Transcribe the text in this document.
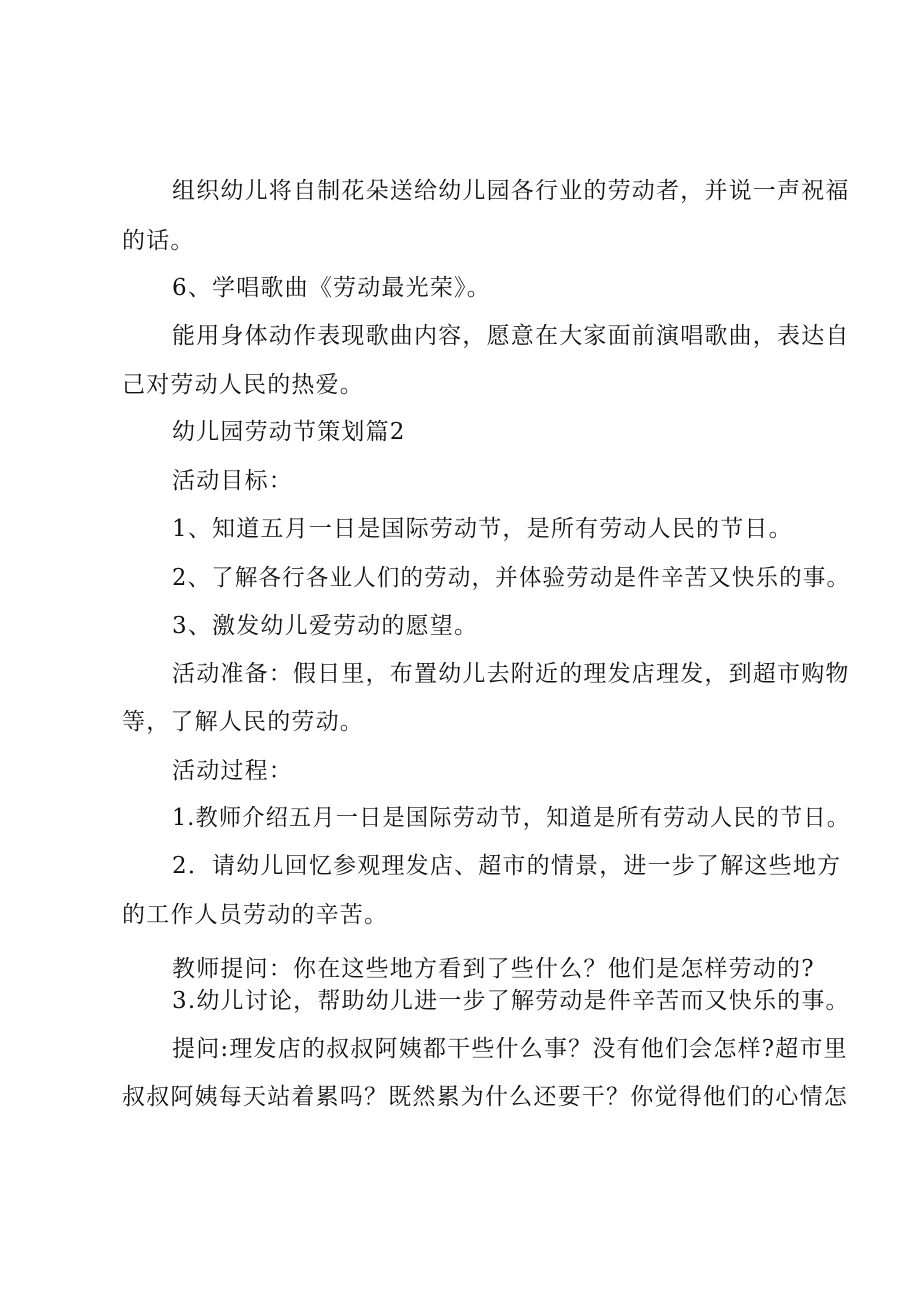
组织幼儿将自制花朵送给幼儿园各行业的劳动者，并说一声祝福
的话。
6、学唱歌曲《劳动最光荣》。
能用身体动作表现歌曲内容，愿意在大家面前演唱歌曲，表达自
己对劳动人民的热爱。
幼儿园劳动节策划篇2
活动目标：
1、知道五月一日是国际劳动节，是所有劳动人民的节日。
2、了解各行各业人们的劳动，并体验劳动是件辛苦又快乐的事。
3、激发幼儿爱劳动的愿望。
活动准备：假日里，布置幼儿去附近的理发店理发，到超市购物
等，了解人民的劳动。
活动过程：
1.教师介绍五月一日是国际劳动节，知道是所有劳动人民的节日。
2．请幼儿回忆参观理发店、超市的情景，进一步了解这些地方
的工作人员劳动的辛苦。
教师提问：你在这些地方看到了些什么？他们是怎样劳动的?
3.幼儿讨论，帮助幼儿进一步了解劳动是件辛苦而又快乐的事。
提问:理发店的叔叔阿姨都干些什么事？没有他们会怎样?超市里
叔叔阿姨每天站着累吗？既然累为什么还要干？你觉得他们的心情怎
